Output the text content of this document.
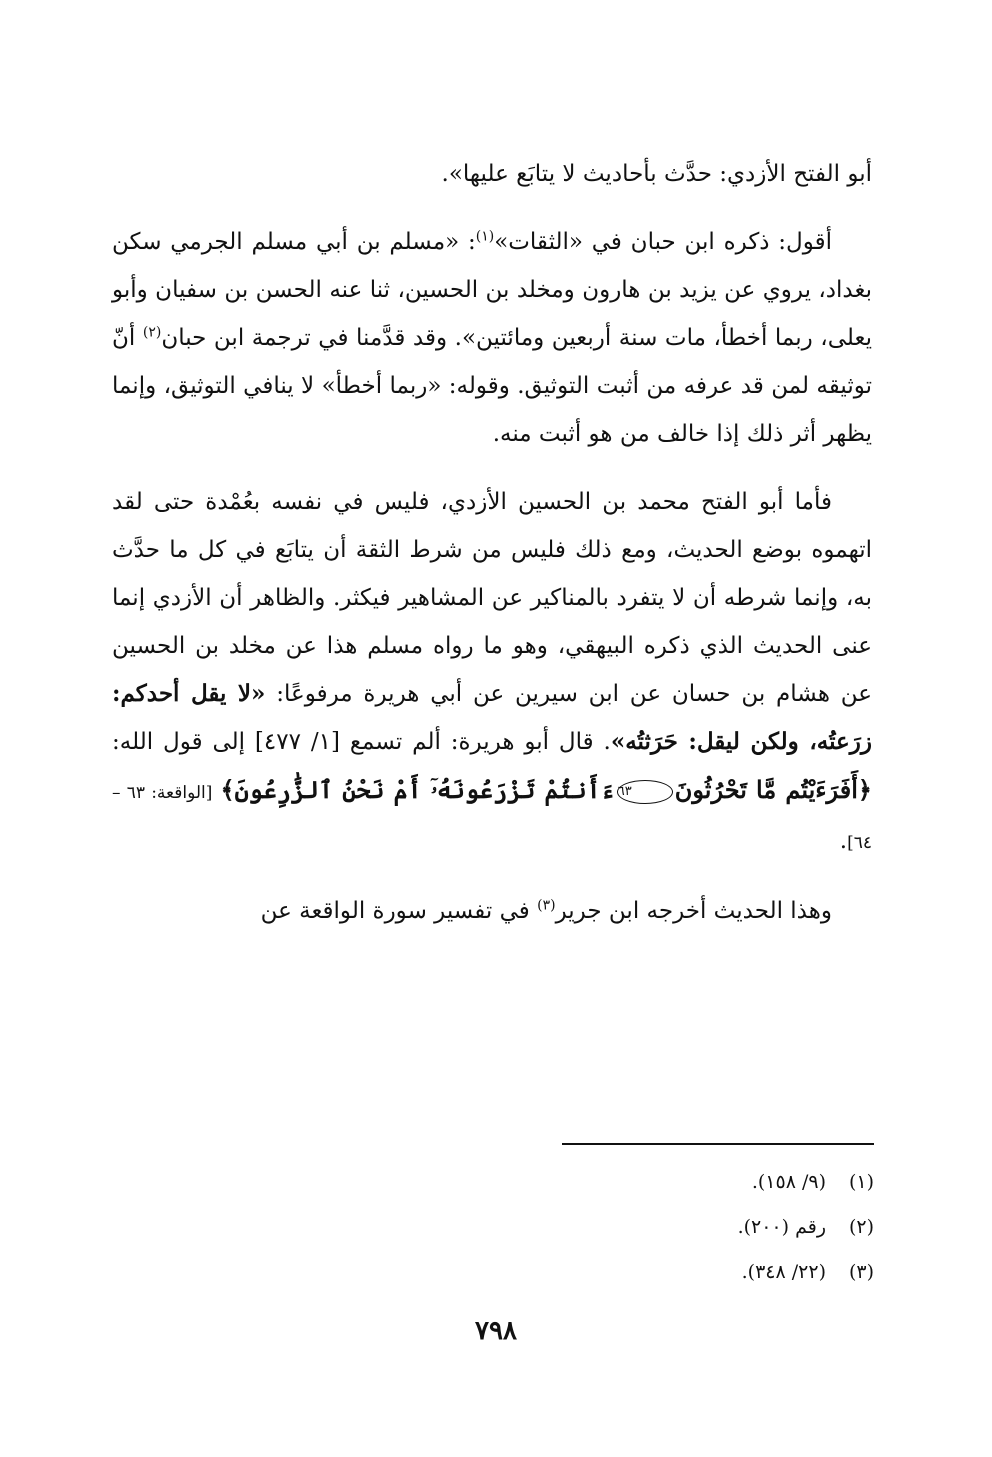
أبو الفتح الأزدي: حدَّث بأحاديث لا يتابَع عليها».

أقول: ذكره ابن حبان في «الثقات»$^{(١)}$: «مسلم بن أبي مسلم الجرمي سكن بغداد، يروي عن يزيد بن هارون ومخلد بن الحسين، ثنا عنه الحسن بن سفيان وأبو يعلى، ربما أخطأ، مات سنة أربعين ومائتين». وقد قدَّمنا في ترجمة ابن حبان$^{(٢)}$ أنّ توثيقه لمن قد عرفه من أثبت التوثيق. وقوله: «ربما أخطأ» لا ينافي التوثيق، وإنما يظهر أثر ذلك إذا خالف من هو أثبت منه.

فأما أبو الفتح محمد بن الحسين الأزدي، فليس في نفسه بعُمْدة حتى لقد اتهموه بوضع الحديث، ومع ذلك فليس من شرط الثقة أن يتابَع في كل ما حدَّث به، وإنما شرطه أن لا يتفرد بالمناكير عن المشاهير فيكثر. والظاهر أن الأزدي إنما عنى الحديث الذي ذكره البيهقي، وهو ما رواه مسلم هذا عن مخلد بن الحسين عن هشام بن حسان عن ابن سيرين عن أبي هريرة مرفوعًا: «لا يقل أحدكم: زرَعتُه، ولكن ليقل: حَرَثتُه». قال أبو هريرة: ألم تسمع [١/ ٤٧٧] إلى قول الله: ﴿أَفَرَءَيْتُم مَّا تَحْرُثُونَ٦٣ءَأَنتُمْ تَزْرَعُونَهُۥٓ أَمْ نَحْنُ ٱلزَّٰرِعُونَ﴾ [الواقعة: ٦٣ – ٦٤].

وهذا الحديث أخرجه ابن جرير$^{(٣)}$ في تفسير سورة الواقعة عن

(١)
(٩/ ١٥٨).
(٢)
رقم (٢٠٠).
(٣)
(٢٢/ ٣٤٨).
٧٩٨
